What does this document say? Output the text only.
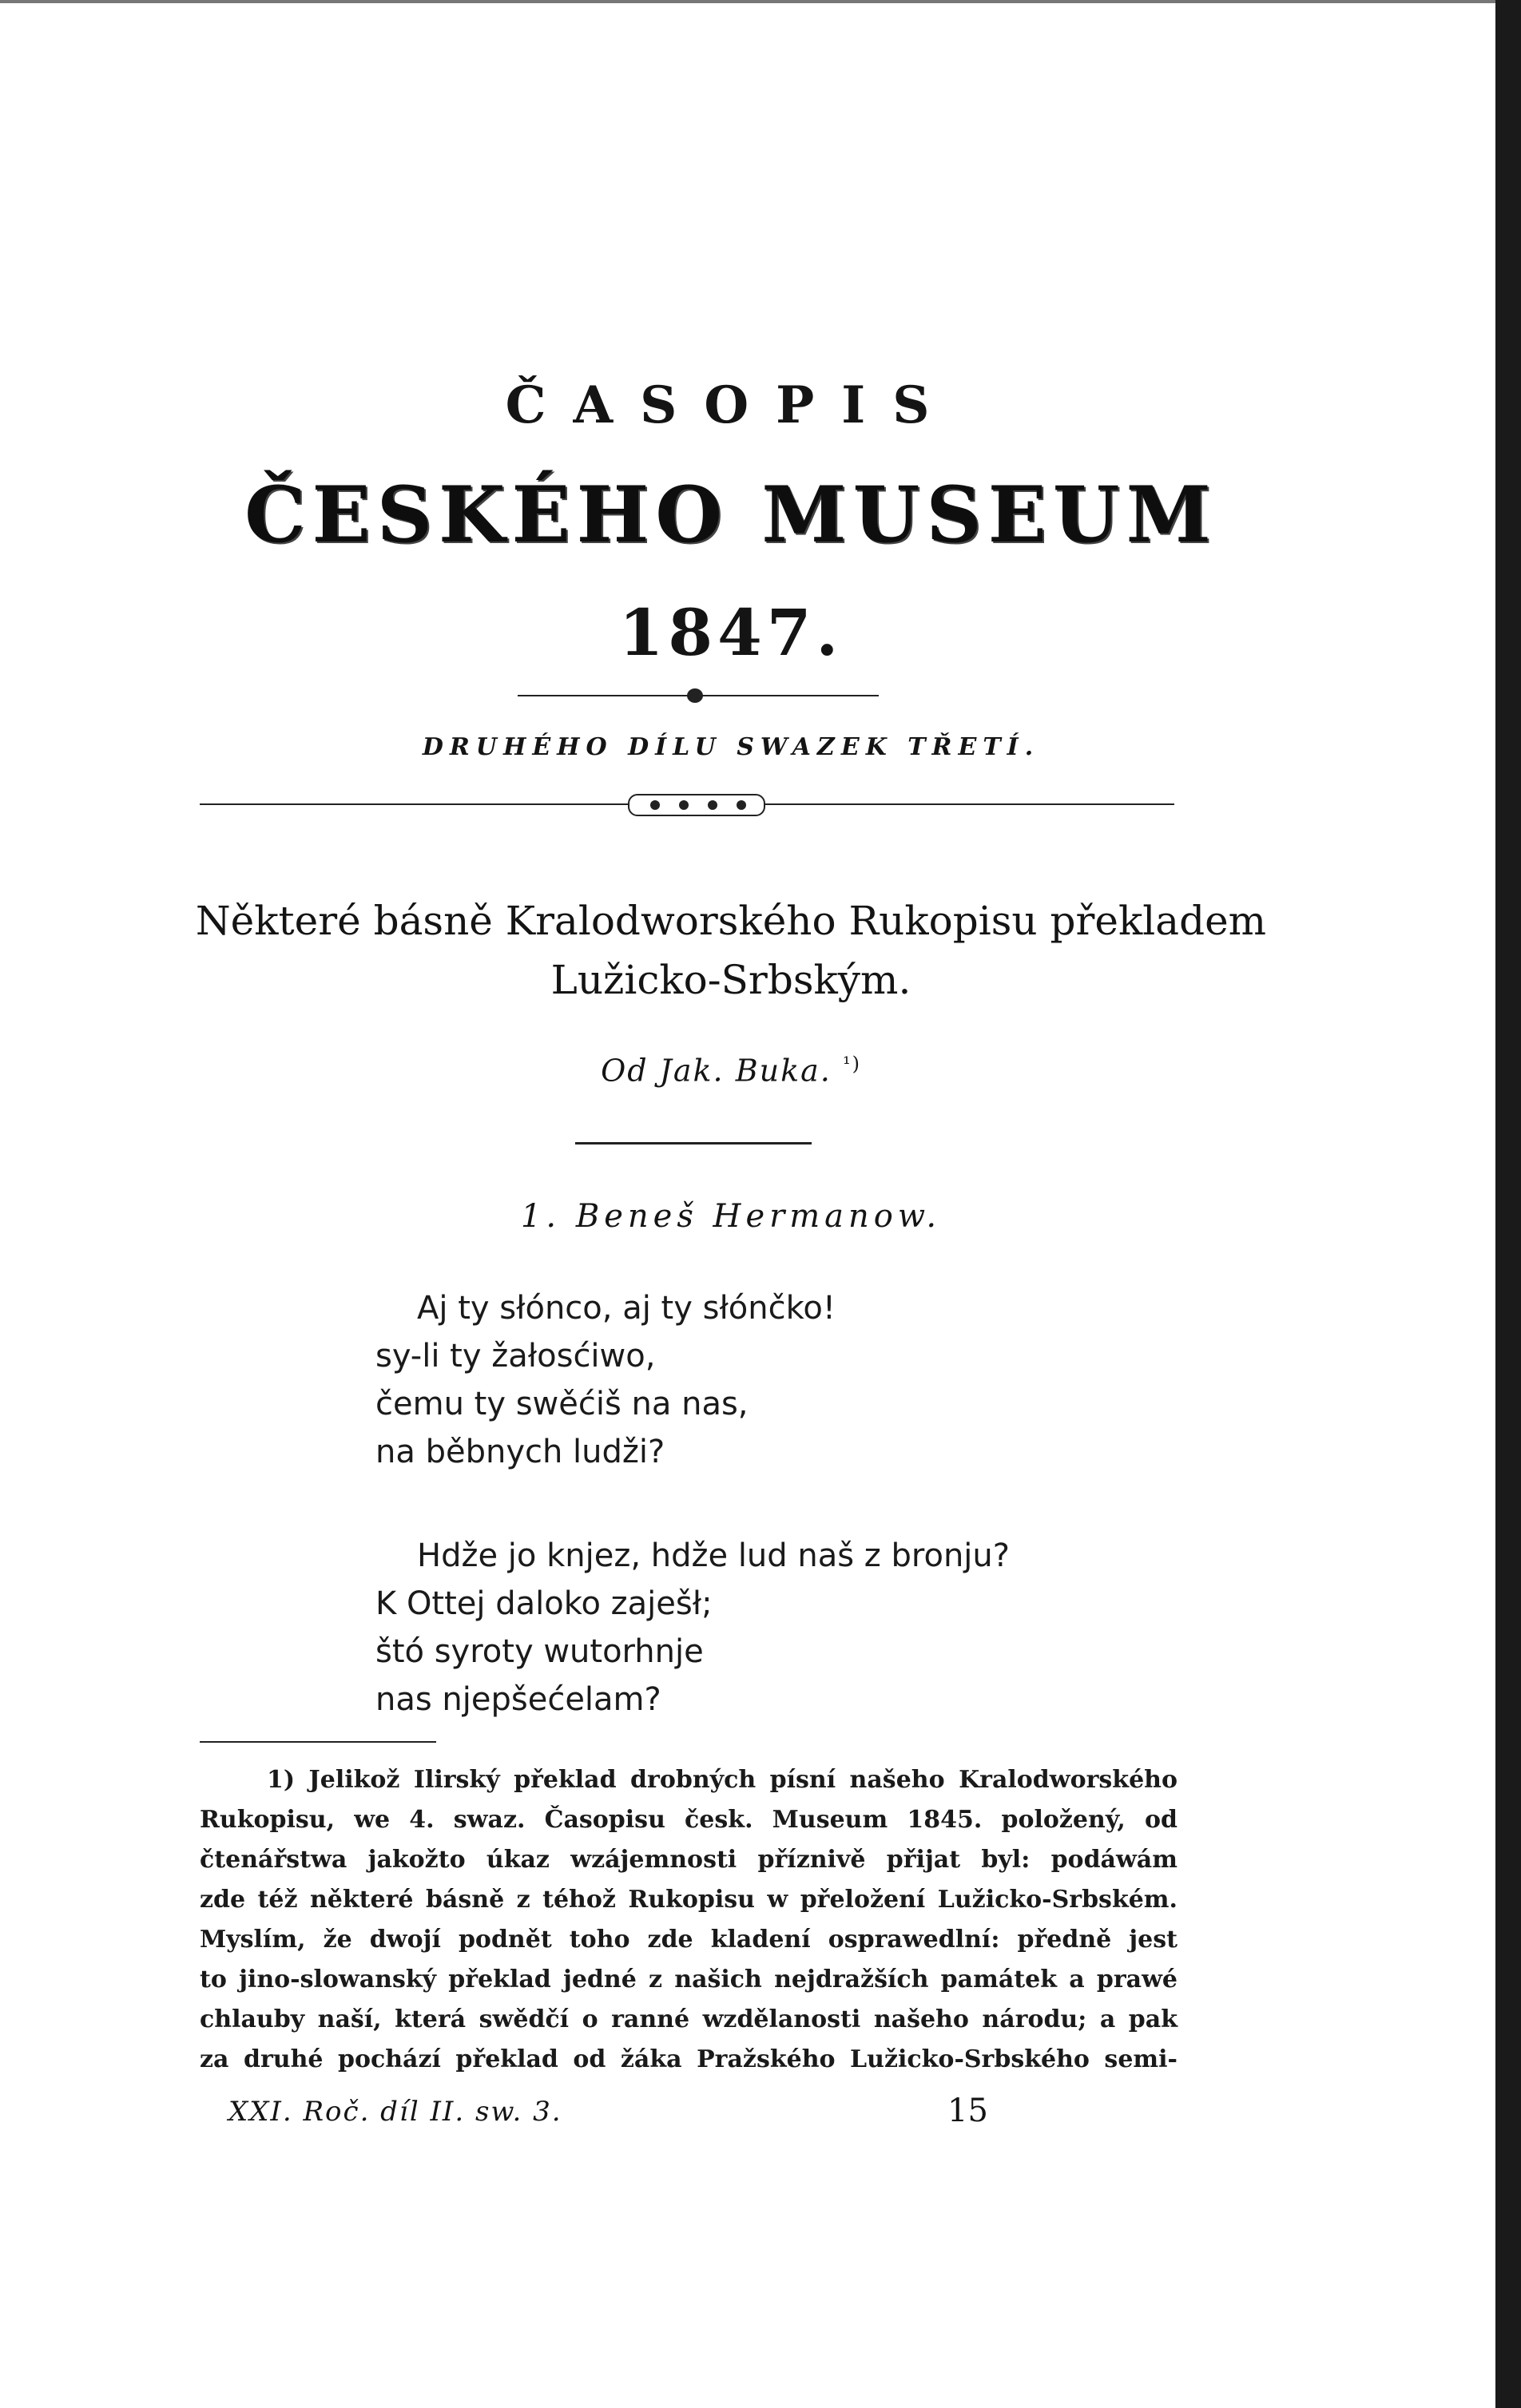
ČASOPIS
ČESKÉHO MUSEUM
1847.
DRUHÉHO DÍLU SWAZEK TŘETÍ.
Některé básně Kralodworského Rukopisu překladem
Lužicko-Srbským.
Od Jak. Buka. $^{^1)}$
1. Beneš Hermanow.
Aj ty słónco, aj ty słónčko!
sy-li ty žałosćiwo,
čemu ty swěćiš na nas,
na běbnych ludži?
Hdže jo knjez, hdže lud naš z bronju?
K Ottej daloko zaješł;
štó syroty wutorhnje
nas njepšećelam?
1) Jelikož Ilirský překlad drobných písní našeho Kralodworského
Rukopisu, we 4. swaz. Časopisu česk. Museum 1845. položený, od
čtenářstwa jakožto úkaz wzájemnosti příznivě přijat byl: podáwám
zde též některé básně z téhož Rukopisu w přeložení Lužicko-Srbském.
Myslím, že dwojí podnět toho zde kladení osprawedlní: předně jest
to jino-slowanský překlad jedné z našich nejdražších památek a prawé
chlauby naší, která swědčí o ranné wzdělanosti našeho národu; a pak
za druhé pochází překlad od žáka Pražského Lužicko-Srbského semi-
XXI. Roč. díl II. sw. 3.	15
